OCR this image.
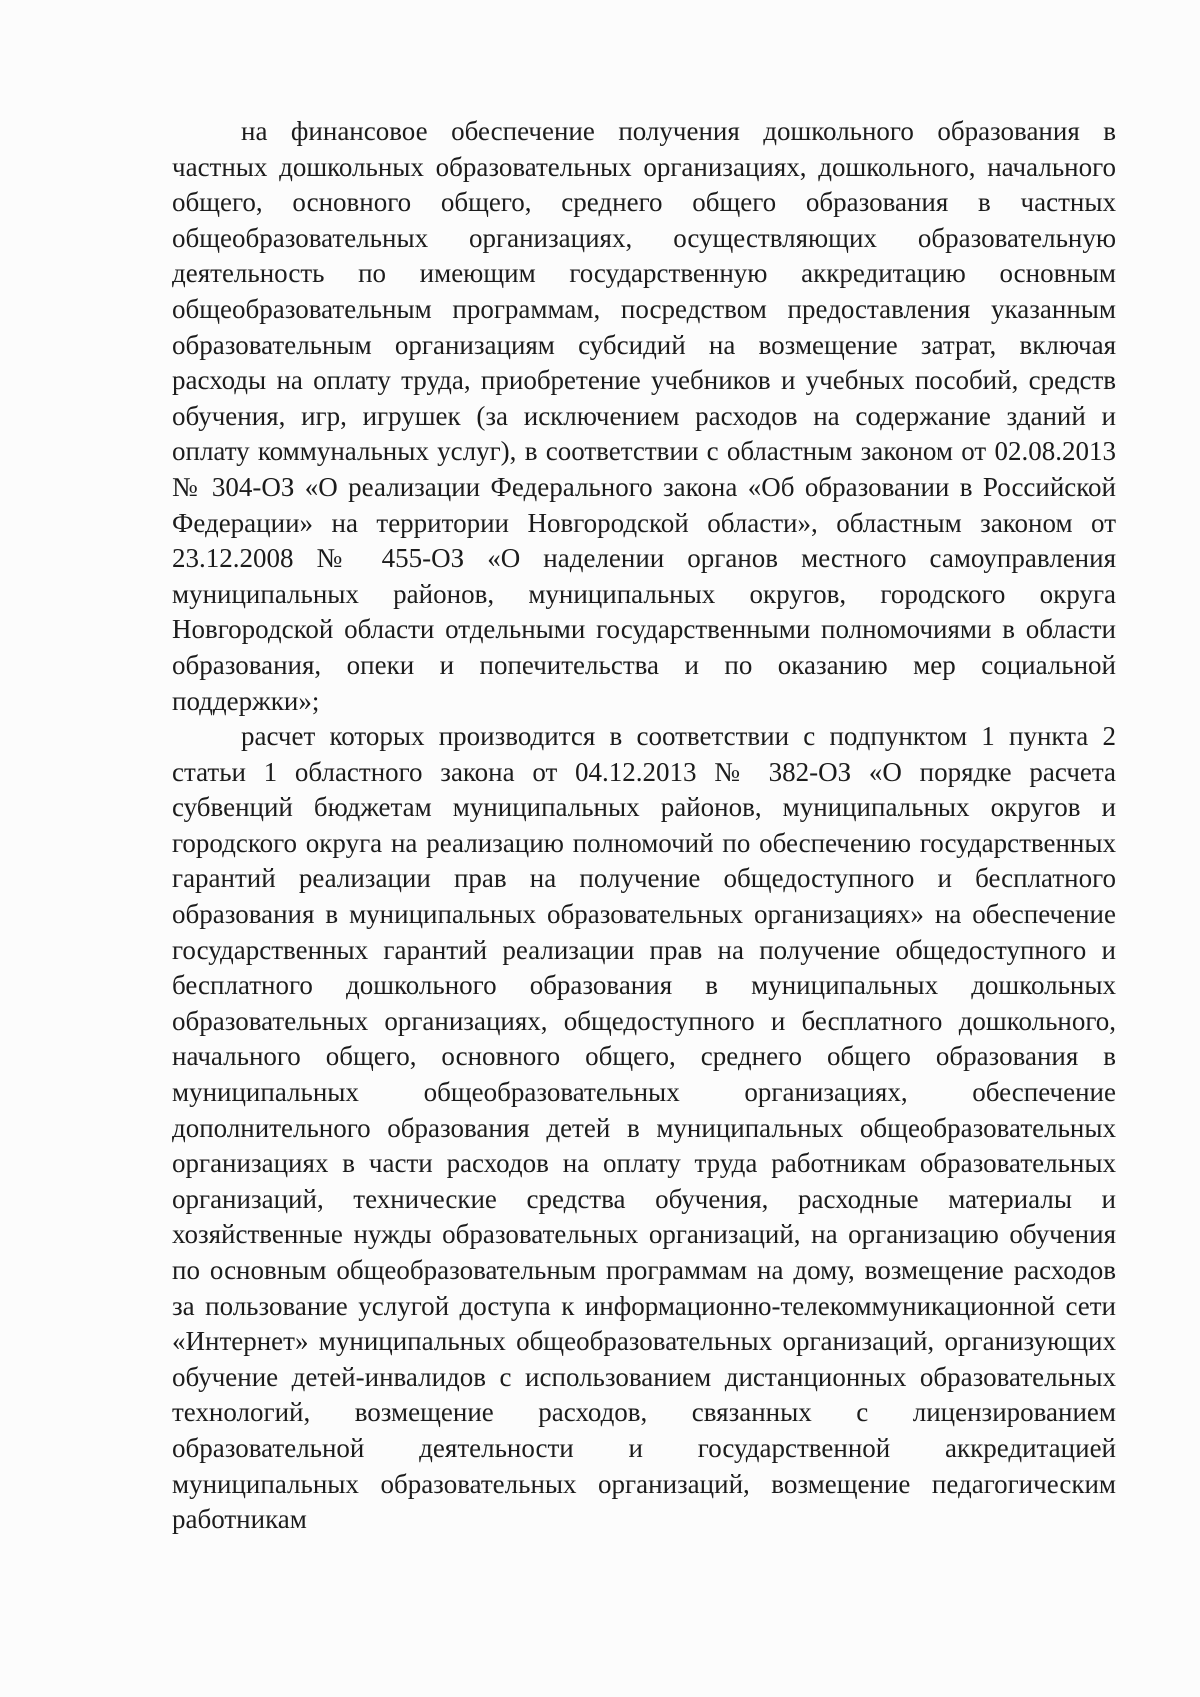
на финансовое обеспечение получения дошкольного образования в частных дошкольных образовательных организациях, дошкольного, начального общего, основного общего, среднего общего образования в частных общеобразовательных организациях, осуществляющих образовательную деятельность по имеющим государственную аккредитацию основным общеобразовательным программам, посредством предоставления указанным образовательным организациям субсидий на возмещение затрат, включая расходы на оплату труда, приобретение учебников и учебных пособий, средств обучения, игр, игрушек (за исключением расходов на содержание зданий и оплату коммунальных услуг), в соответствии с областным законом от 02.08.2013 № 304-ОЗ «О реализации Федерального закона «Об образовании в Российской Федерации» на территории Новгородской области», областным законом от 23.12.2008 № 455-ОЗ «О наделении органов местного самоуправления муниципальных районов, муниципальных округов, городского округа Новгородской области отдельными государственными полномочиями в области образования, опеки и попечительства и по оказанию мер социальной поддержки»;

расчет которых производится в соответствии с подпунктом 1 пункта 2 статьи 1 областного закона от 04.12.2013 № 382-ОЗ «О порядке расчета субвенций бюджетам муниципальных районов, муниципальных округов и городского округа на реализацию полномочий по обеспечению государственных гарантий реализации прав на получение общедоступного и бесплатного образования в муниципальных образовательных организациях» на обеспечение государственных гарантий реализации прав на получение общедоступного и бесплатного дошкольного образования в муниципальных дошкольных образовательных организациях, общедоступного и бесплатного дошкольного, начального общего, основного общего, среднего общего образования в муниципальных общеобразовательных организациях, обеспечение дополнительного образования детей в муниципальных общеобразовательных организациях в части расходов на оплату труда работникам образовательных организаций, технические средства обучения, расходные материалы и хозяйственные нужды образовательных организаций, на организацию обучения по основным общеобразовательным программам на дому, возмещение расходов за пользование услугой доступа к информационно-телекоммуникационной сети «Интернет» муниципальных общеобразовательных организаций, организующих обучение детей-инвалидов с использованием дистанционных образовательных технологий, возмещение расходов, связанных с лицензированием образовательной деятельности и государственной аккредитацией муниципальных образовательных организаций, возмещение педагогическим работникам
